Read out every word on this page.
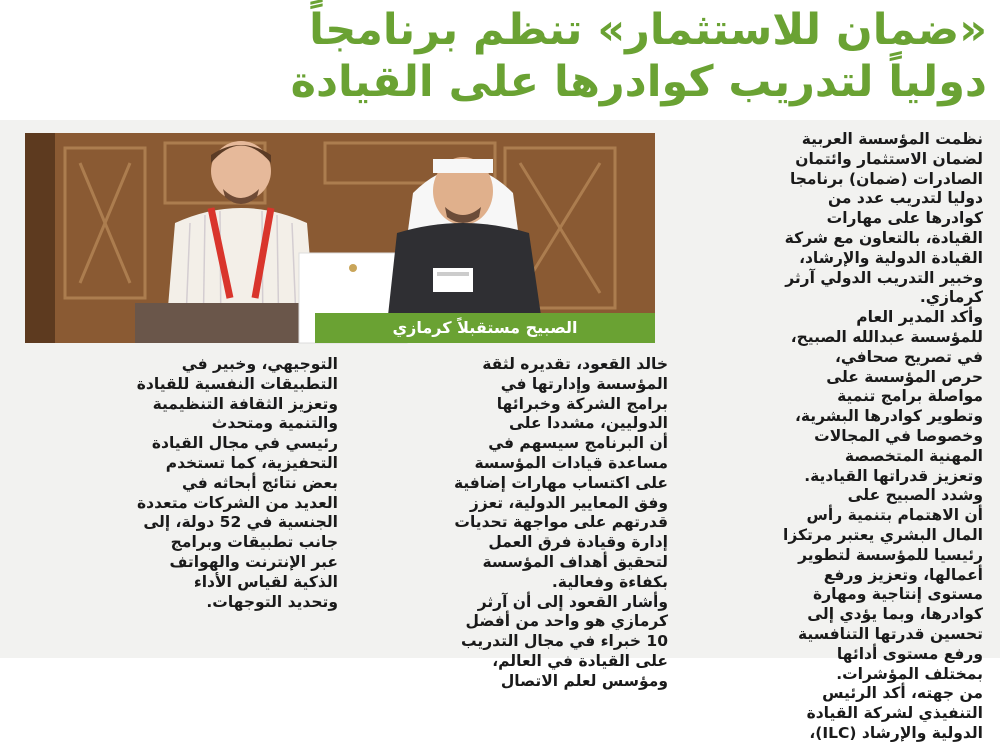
«ضمان للاستثمار» تنظم برنامجاً
دولياً لتدريب كوادرها على القيادة

نظمت المؤسسة العربية

لضمان الاستثمار وائتمان

الصادرات (ضمان) برنامجا

دوليا لتدريب عدد من

كوادرها على مهارات

القيادة، بالتعاون مع شركة

القيادة الدولية والإرشاد،

وخبير التدريب الدولي آرثر

كرمازي.

وأكد المدير العام

للمؤسسة عبدالله الصبيح،

في تصريح صحافي،

حرص المؤسسة على

مواصلة برامج تنمية

وتطوير كوادرها البشرية،

وخصوصا في المجالات

المهنية المتخصصة

وتعزيز قدراتها القيادية.

وشدد الصبيح على

أن الاهتمام بتنمية رأس

المال البشري يعتبر مرتكزا

رئيسيا للمؤسسة لتطوير

أعمالها، وتعزيز ورفع

مستوى إنتاجية ومهارة

كوادرها، وبما يؤدي إلى

تحسين قدرتها التنافسية

ورفع مستوى أدائها

بمختلف المؤشرات.

من جهته، أكد الرئيس

التنفيذي لشركة القيادة

الدولية والإرشاد (ILC)،

الصبيح مستقبلاً كرمازي

خالد القعود، تقديره لثقة

المؤسسة وإدارتها في

برامج الشركة وخبرائها

الدوليين، مشددا على

أن البرنامج سيسهم في

مساعدة قيادات المؤسسة

على اكتساب مهارات إضافية

وفق المعايير الدولية، تعزز

قدرتهم على مواجهة تحديات

إدارة وقيادة فرق العمل

لتحقيق أهداف المؤسسة

بكفاءة وفعالية.

وأشار القعود إلى أن آرثر

كرمازي هو واحد من أفضل

10 خبراء في مجال التدريب

على القيادة في العالم،

ومؤسس لعلم الاتصال

التوجيهي، وخبير في

التطبيقات النفسية للقيادة

وتعزيز الثقافة التنظيمية

والتنمية ومتحدث

رئيسي في مجال القيادة

التحفيزية، كما تستخدم

بعض نتائج أبحاثه في

العديد من الشركات متعددة

الجنسية في 52 دولة، إلى

جانب تطبيقات وبرامج

عبر الإنترنت والهواتف

الذكية لقياس الأداء

وتحديد التوجهات.
